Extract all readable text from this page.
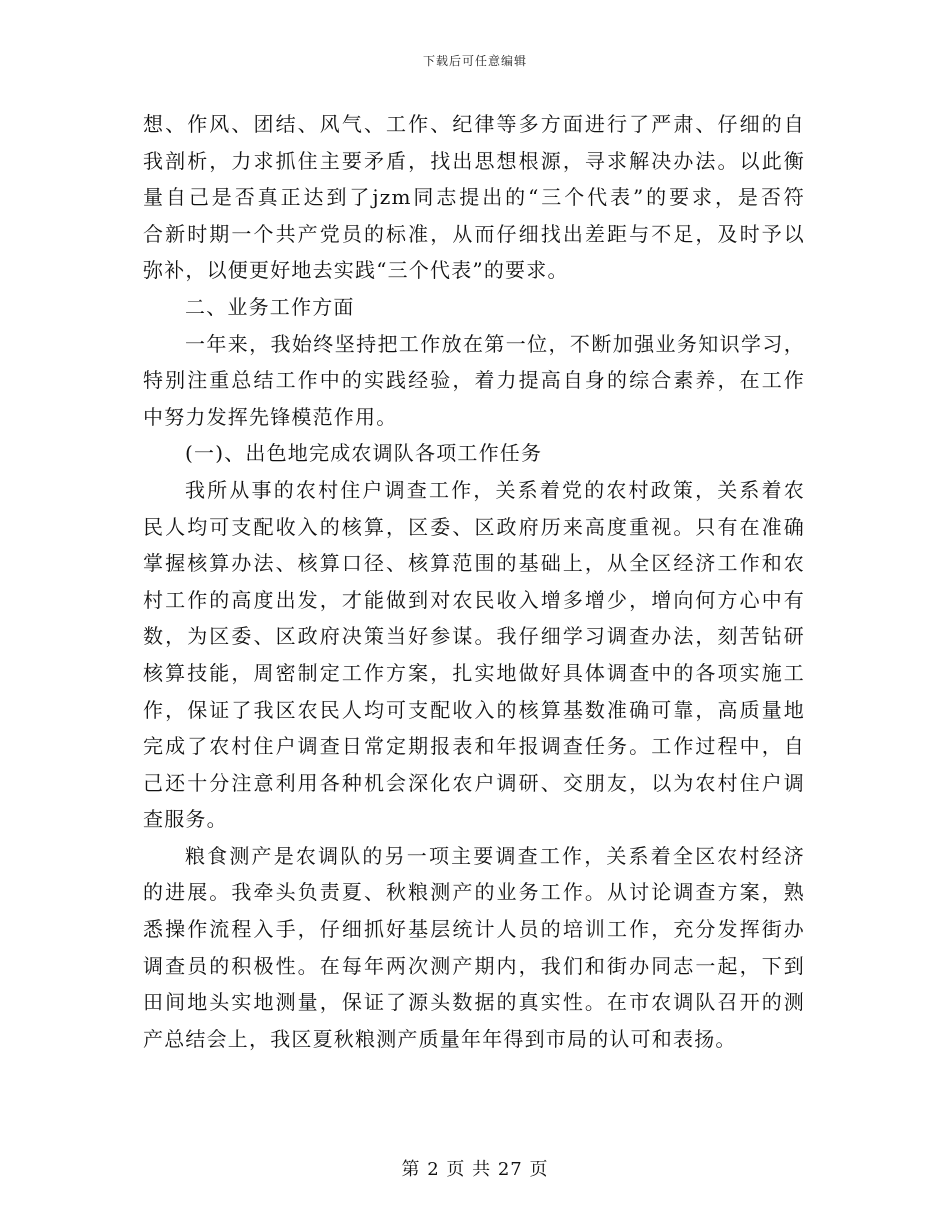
下载后可任意编辑
想、作风、团结、风气、工作、纪律等多方面进行了严肃、仔细的自
我剖析，力求抓住主要矛盾，找出思想根源，寻求解决办法。以此衡
量自己是否真正达到了jzm同志提出的“三个代表”的要求，是否符
合新时期一个共产党员的标准，从而仔细找出差距与不足，及时予以
弥补，以便更好地去实践“三个代表”的要求。
二、业务工作方面
一年来，我始终坚持把工作放在第一位，不断加强业务知识学习，
特别注重总结工作中的实践经验，着力提高自身的综合素养，在工作
中努力发挥先锋模范作用。
(一)、出色地完成农调队各项工作任务
我所从事的农村住户调查工作，关系着党的农村政策，关系着农
民人均可支配收入的核算，区委、区政府历来高度重视。只有在准确
掌握核算办法、核算口径、核算范围的基础上，从全区经济工作和农
村工作的高度出发，才能做到对农民收入增多增少，增向何方心中有
数，为区委、区政府决策当好参谋。我仔细学习调查办法，刻苦钻研
核算技能，周密制定工作方案，扎实地做好具体调查中的各项实施工
作，保证了我区农民人均可支配收入的核算基数准确可靠，高质量地
完成了农村住户调查日常定期报表和年报调查任务。工作过程中，自
己还十分注意利用各种机会深化农户调研、交朋友，以为农村住户调
查服务。
粮食测产是农调队的另一项主要调查工作，关系着全区农村经济
的进展。我牵头负责夏、秋粮测产的业务工作。从讨论调查方案，熟
悉操作流程入手，仔细抓好基层统计人员的培训工作，充分发挥街办
调查员的积极性。在每年两次测产期内，我们和街办同志一起，下到
田间地头实地测量，保证了源头数据的真实性。在市农调队召开的测
产总结会上，我区夏秋粮测产质量年年得到市局的认可和表扬。
第 2 页 共 27 页
